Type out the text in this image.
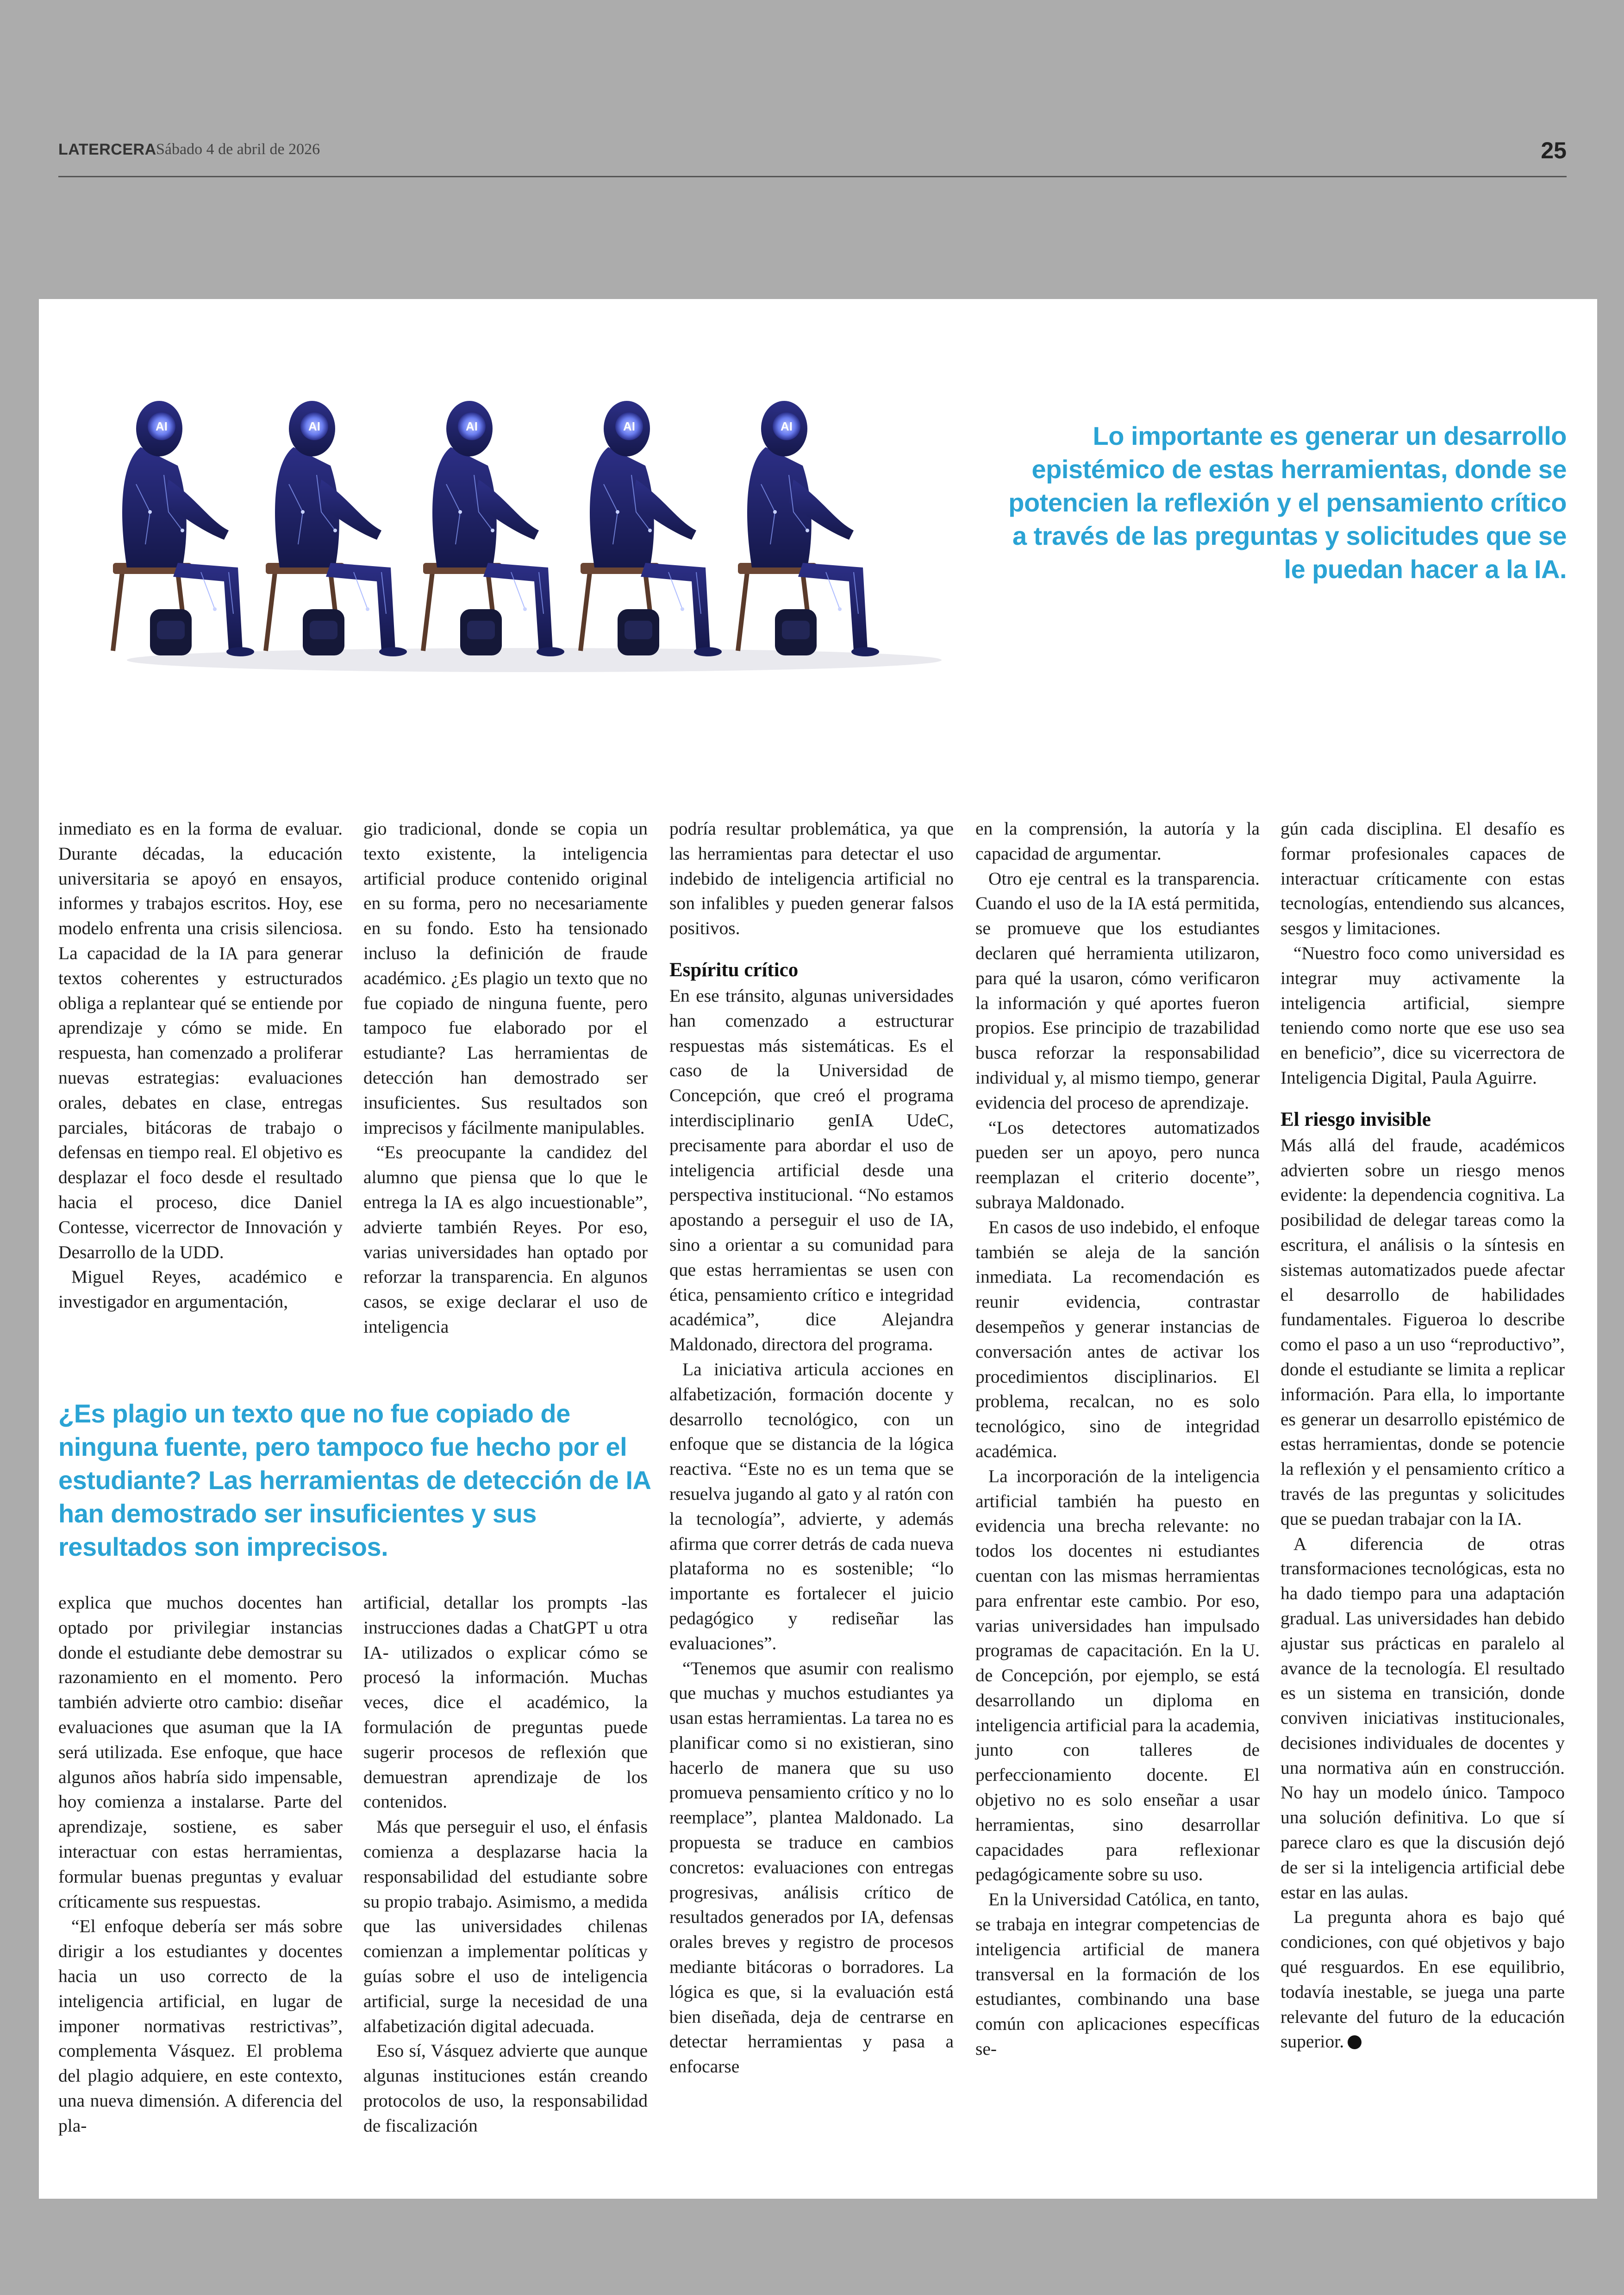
LATERCERA Sábado 4 de abril de 2026	25
AI	AI	AI	AI	AI	Lo importante es generar un desarrollo epistémico de estas herramientas, donde se potencien la reflexión y el pensamiento crítico a través de las preguntas y solicitudes que se le puedan hacer a la IA.

inmediato es en la forma de evaluar. Durante décadas, la educación universitaria se apoyó en ensayos, informes y trabajos escritos. Hoy, ese modelo enfrenta una crisis silenciosa. La capacidad de la IA para generar textos coherentes y estructurados obliga a replantear qué se entiende por aprendizaje y cómo se mide. En respuesta, han comenzado a proliferar nuevas estrategias: evaluaciones orales, debates en clase, entregas parciales, bitácoras de trabajo o defensas en tiempo real. El objetivo es desplazar el foco desde el resultado hacia el proceso, dice Daniel Contesse, vicerrector de Innovación y Desarrollo de la UDD.

Miguel Reyes, académico e investigador en argumentación,

gio tradicional, donde se copia un texto existente, la inteligencia artificial produce contenido original en su forma, pero no necesariamente en su fondo. Esto ha tensionado incluso la definición de fraude académico. ¿Es plagio un texto que no fue copiado de ninguna fuente, pero tampoco fue elaborado por el estudiante? Las herramientas de detección han demostrado ser insuficientes. Sus resultados son imprecisos y fácilmente manipulables.

“Es preocupante la candidez del alumno que piensa que lo que le entrega la IA es algo incuestionable”, advierte también Reyes. Por eso, varias universidades han optado por reforzar la transparencia. En algunos casos, se exige declarar el uso de inteligencia

¿Es plagio un texto que no fue copiado de ninguna fuente, pero tampoco fue hecho por el estudiante? Las herramientas de detección de IA han demostrado ser insuficientes y sus resultados son imprecisos.

explica que muchos docentes han optado por privilegiar instancias donde el estudiante debe demostrar su razonamiento en el momento. Pero también advierte otro cambio: diseñar evaluaciones que asuman que la IA será utilizada. Ese enfoque, que hace algunos años habría sido impensable, hoy comienza a instalarse. Parte del aprendizaje, sostiene, es saber interactuar con estas herramientas, formular buenas preguntas y evaluar críticamente sus respuestas.

“El enfoque debería ser más sobre dirigir a los estudiantes y docentes hacia un uso correcto de la inteligencia artificial, en lugar de imponer normativas restrictivas”, complementa Vásquez. El problema del plagio adquiere, en este contexto, una nueva dimensión. A diferencia del pla-

artificial, detallar los prompts -las instrucciones dadas a ChatGPT u otra IA- utilizados o explicar cómo se procesó la información. Muchas veces, dice el académico, la formulación de preguntas puede sugerir procesos de reflexión que demuestran aprendizaje de los contenidos.

Más que perseguir el uso, el énfasis comienza a desplazarse hacia la responsabilidad del estudiante sobre su propio trabajo. Asimismo, a medida que las universidades chilenas comienzan a implementar políticas y guías sobre el uso de inteligencia artificial, surge la necesidad de una alfabetización digital adecuada.

Eso sí, Vásquez advierte que aunque algunas instituciones están creando protocolos de uso, la responsabilidad de fiscalización

podría resultar problemática, ya que las herramientas para detectar el uso indebido de inteligencia artificial no son infalibles y pueden generar falsos positivos.

Espíritu crítico

En ese tránsito, algunas universidades han comenzado a estructurar respuestas más sistemáticas. Es el caso de la Universidad de Concepción, que creó el programa interdisciplinario genIA UdeC, precisamente para abordar el uso de inteligencia artificial desde una perspectiva institucional. “No estamos apostando a perseguir el uso de IA, sino a orientar a su comunidad para que estas herramientas se usen con ética, pensamiento crítico e integridad académica”, dice Alejandra Maldonado, directora del programa.

La iniciativa articula acciones en alfabetización, formación docente y desarrollo tecnológico, con un enfoque que se distancia de la lógica reactiva. “Este no es un tema que se resuelva jugando al gato y al ratón con la tecnología”, advierte, y además afirma que correr detrás de cada nueva plataforma no es sostenible; “lo importante es fortalecer el juicio pedagógico y rediseñar las evaluaciones”.

“Tenemos que asumir con realismo que muchas y muchos estudiantes ya usan estas herramientas. La tarea no es planificar como si no existieran, sino hacerlo de manera que su uso promueva pensamiento crítico y no lo reemplace”, plantea Maldonado. La propuesta se traduce en cambios concretos: evaluaciones con entregas progresivas, análisis crítico de resultados generados por IA, defensas orales breves y registro de procesos mediante bitácoras o borradores. La lógica es que, si la evaluación está bien diseñada, deja de centrarse en detectar herramientas y pasa a enfocarse

en la comprensión, la autoría y la capacidad de argumentar.

Otro eje central es la transparencia. Cuando el uso de la IA está permitida, se promueve que los estudiantes declaren qué herramienta utilizaron, para qué la usaron, cómo verificaron la información y qué aportes fueron propios. Ese principio de trazabilidad busca reforzar la responsabilidad individual y, al mismo tiempo, generar evidencia del proceso de aprendizaje.

“Los detectores automatizados pueden ser un apoyo, pero nunca reemplazan el criterio docente”, subraya Maldonado.

En casos de uso indebido, el enfoque también se aleja de la sanción inmediata. La recomendación es reunir evidencia, contrastar desempeños y generar instancias de conversación antes de activar los procedimientos disciplinarios. El problema, recalcan, no es solo tecnológico, sino de integridad académica.

La incorporación de la inteligencia artificial también ha puesto en evidencia una brecha relevante: no todos los docentes ni estudiantes cuentan con las mismas herramientas para enfrentar este cambio. Por eso, varias universidades han impulsado programas de capacitación. En la U. de Concepción, por ejemplo, se está desarrollando un diploma en inteligencia artificial para la academia, junto con talleres de perfeccionamiento docente. El objetivo no es solo enseñar a usar herramientas, sino desarrollar capacidades para reflexionar pedagógicamente sobre su uso.

En la Universidad Católica, en tanto, se trabaja en integrar competencias de inteligencia artificial de manera transversal en la formación de los estudiantes, combinando una base común con aplicaciones específicas se-

gún cada disciplina. El desafío es formar profesionales capaces de interactuar críticamente con estas tecnologías, entendiendo sus alcances, sesgos y limitaciones.

“Nuestro foco como universidad es integrar muy activamente la inteligencia artificial, siempre teniendo como norte que ese uso sea en beneficio”, dice su vicerrectora de Inteligencia Digital, Paula Aguirre.

El riesgo invisible

Más allá del fraude, académicos advierten sobre un riesgo menos evidente: la dependencia cognitiva. La posibilidad de delegar tareas como la escritura, el análisis o la síntesis en sistemas automatizados puede afectar el desarrollo de habilidades fundamentales. Figueroa lo describe como el paso a un uso “reproductivo”, donde el estudiante se limita a replicar información. Para ella, lo importante es generar un desarrollo epistémico de estas herramientas, donde se potencie la reflexión y el pensamiento crítico a través de las preguntas y solicitudes que se puedan trabajar con la IA.

A diferencia de otras transformaciones tecnológicas, esta no ha dado tiempo para una adaptación gradual. Las universidades han debido ajustar sus prácticas en paralelo al avance de la tecnología. El resultado es un sistema en transición, donde conviven iniciativas institucionales, decisiones individuales de docentes y una normativa aún en construcción. No hay un modelo único. Tampoco una solución definitiva. Lo que sí parece claro es que la discusión dejó de ser si la inteligencia artificial debe estar en las aulas.

La pregunta ahora es bajo qué condiciones, con qué objetivos y bajo qué resguardos. En ese equilibrio, todavía inestable, se juega una parte relevante del futuro de la educación superior.
